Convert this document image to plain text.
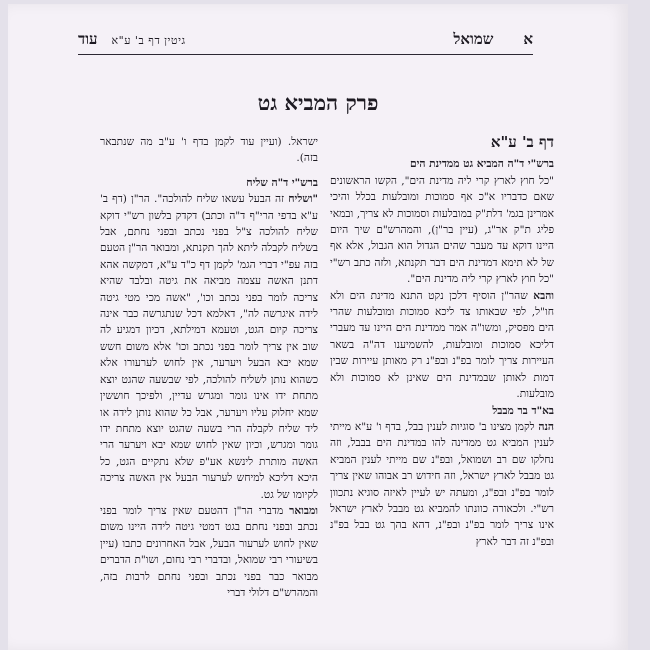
עוד גיטין דף ב' ע"א	שמואל א
פרק המביא גט
דף ב' ע"א

ברש"י ד"ה המביא גט ממדינת הים

"כל חוץ לארץ קרי ליה מדינת הים", הקשו הראשונים שאם כדבריו א"כ אף סמוכות ומובלעות בכלל והיכי אמרינן בגמ' דלת"ק במובלעות וסמוכות לא צריך, ובמאי פליג ת"ק אר"ג, (עיין בר"ן), והמהרש"ם שיך היום היינו דוקא עד מעבר שהים הגדול הוא הגבול, אלא אף של לא תימא דמדינת הים דבר תקנתא, ולזה כתב רש"י "כל חוץ לארץ קרי ליה מדינת הים".

והבא שהר"ן הוסיף דלכן נקט התנא מדינת הים ולא חו"ל, לפי שבאותו צד ליכא סמוכות ומובלעות שהרי הים מפסיק, ומשו"ה אמר ממדינת הים היינו עד מעברי דליכא סמוכות ומובלעות, להשמיענו דה"ה בשאר העיירות צריך לומר בפ"נ ובפ"נ רק מאותן עיירות שבין דמות לאותן שבמדינת הים שאינן לא סמוכות ולא מובלעות.

בא"ד בר מבבל

הנה לקמן מצינו ב' סוגיות לענין בבל, בדף ו' ע"א מייתי לענין המביא גט ממדינה להו במדינת הים בבבל, וזה נחלקו שם רב ושמואל, ובפ"נ שם מייתי לענין המביא גט מבבל לארץ ישראל, וזה חידוש רב אבוהו שאין צריך לומר בפ"נ ובפ"נ, ומעתה יש לעיין לאיזה סוגיא נתכוון רש"י. ולכאורה כוונתו להמביא גט מבבל לארץ ישראל אינו צריך לומר בפ"נ ובפ"נ, דהא בהך גט בבל בפ"נ ובפ"נ זה דבר לארץ

ישראל. (ועיין עוד לקמן בדף ו' ע"ב מה שנתבאר בזה).

ברש"י ד"ה שליח

"ושליח זה הבעל עשאו שליח להולכה". הר"ן (דף ב' ע"א בדפי הרי"ף ד"ה וכתב) דקדק בלשון רש"י דוקא שליח להולכה צ"ל בפני נכתב ובפני נחתם, אבל בשליח לקבלה ליתא להך תקנתא, ומבואר הר"ן הטעם בזה עפ"י דברי הגמ' לקמן דף כ"ד ע"א, דמקשה אהא דתנן האשה עצמה מביאה את גיטה ובלבד שהיא צריכה לומר בפני נכתב וכו', "אשה מכי מטי גיטה לידה איגרשה לה", דאלמא דכל שנתגרשה כבר אינה צריכה קיום הגט, וטעמא דמילתא, דכיון דמגיע לה שוב אין צריך לומר בפני נכתב וכו' אלא משום חשש שמא יבא הבעל ויערער, אין לחוש לערעורו אלא כשהוא נותן לשליח להולכה, לפי שבשעה שהגט יוצא מתחת ידו אינו גומר ומגרש עדיין, ולפיכך חוששין שמא יחלוק עליו ויערער, אבל כל שהוא נותן לידה או ליד שליח לקבלה הרי בשעה שהגט יוצא מתחת ידו גומר ומגרש, וכיון שאין לחוש שמא יבא ויערער הרי האשה מותרת לינשא אע"פ שלא נתקיים הגט, כל היכא דליכא למיחש לערעור הבעל אין האשה צריכה לקיומו של גט.

ומבואר מדברי הר"ן דהטעם שאין צריך לומר בפני נכתב ובפני נחתם בגט דמטי גיטה לידה היינו משום שאין לחוש לערעור הבעל, אבל האחרונים כתבו (עיין בשיעורי רבי שמואל, ובדברי רבי נחום, ושו"ת הדברים מבואר כבר בפני נכתב ובפני נחתם לרבות בזה, והמהרש"ם דלולי דברי
